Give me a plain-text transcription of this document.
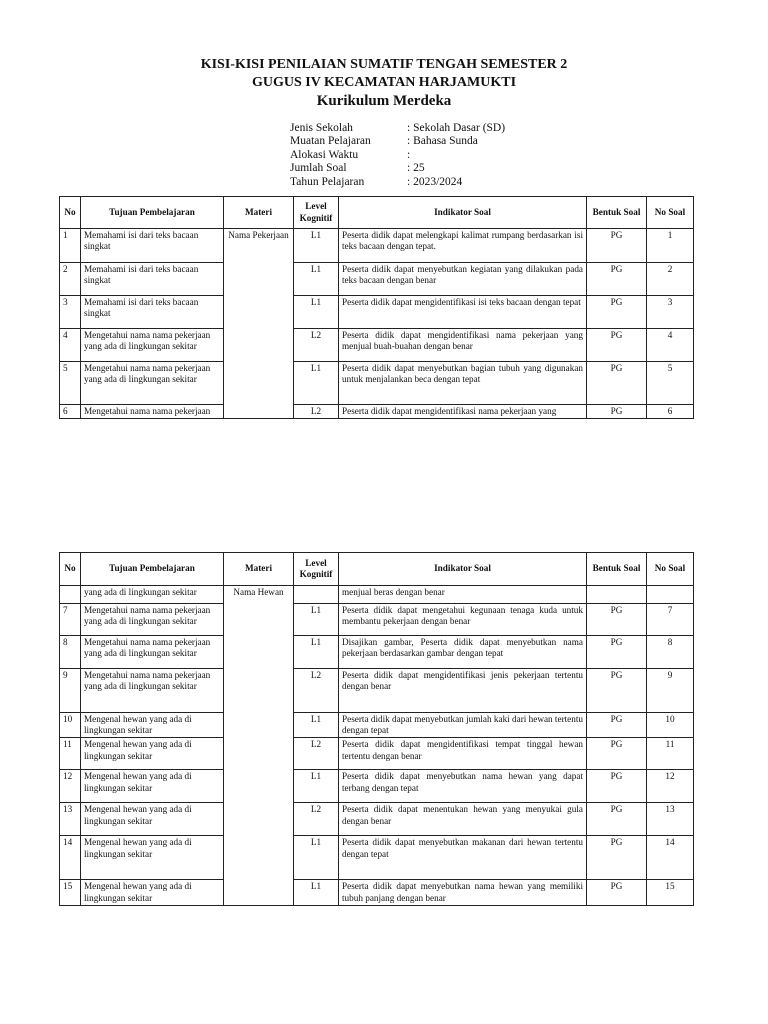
KISI-KISI PENILAIAN SUMATIF TENGAH SEMESTER 2
GUGUS IV KECAMATAN HARJAMUKTI
Kurikulum Merdeka
Jenis Sekolah	: Sekolah Dasar (SD)
Muatan Pelajaran	: Bahasa Sunda
Alokasi Waktu	:
Jumlah Soal	: 25
Tahun Pelajaran	: 2023/2024
No	Tujuan Pembelajaran	Materi	Level Kognitif	Indikator Soal	Bentuk Soal	No Soal
1	Memahami isi dari teks bacaan singkat	Nama Pekerjaan	L1	Peserta didik dapat melengkapi kalimat rumpang berdasarkan isi teks bacaan dengan tepat.	PG	1
2	Memahami isi dari teks bacaan singkat		L1	Peserta didik dapat menyebutkan kegiatan yang dilakukan pada teks bacaan dengan benar	PG	2
3	Memahami isi dari teks bacaan singkat		L1	Peserta didik dapat mengidentifikasi isi teks bacaan dengan tepat	PG	3
4	Mengetahui nama nama pekerjaan yang ada di lingkungan sekitar		L2	Peserta didik dapat mengidentifikasi nama pekerjaan yang menjual buah-buahan dengan benar	PG	4
5	Mengetahui nama nama pekerjaan yang ada di lingkungan sekitar		L1	Peserta didik dapat menyebutkan bagian tubuh yang digunakan untuk menjalankan beca dengan tepat	PG	5
6	Mengetahui nama nama pekerjaan		L2	Peserta didik dapat mengidentifikasi nama pekerjaan yang	PG	6
No	Tujuan Pembelajaran	Materi	Level Kognitif	Indikator Soal	Bentuk Soal	No Soal
	yang ada di lingkungan sekitar	Nama Hewan		menjual beras dengan benar		
7	Mengetahui nama nama pekerjaan yang ada di lingkungan sekitar		L1	Peserta didik dapat mengetahui kegunaan tenaga kuda untuk membantu pekerjaan dengan benar	PG	7
8	Mengetahui nama nama pekerjaan yang ada di lingkungan sekitar		L1	Disajikan gambar, Peserta didik dapat menyebutkan nama pekerjaan berdasarkan gambar dengan tepat	PG	8
9	Mengetahui nama nama pekerjaan yang ada di lingkungan sekitar		L2	Peserta didik dapat mengidentifikasi jenis pekerjaan tertentu dengan benar	PG	9
10	Mengenal hewan yang ada di lingkungan sekitar		L1	Peserta didik dapat menyebutkan jumlah kaki dari hewan tertentu dengan tepat	PG	10
11	Mengenal hewan yang ada di lingkungan sekitar		L2	Peserta didik dapat mengidentifikasi tempat tinggal hewan tertentu dengan benar	PG	11
12	Mengenal hewan yang ada di lingkungan sekitar		L1	Peserta didik dapat menyebutkan nama hewan yang dapat terbang dengan tepat	PG	12
13	Mengenal hewan yang ada di lingkungan sekitar		L2	Peserta didik dapat menentukan hewan yang menyukai gula dengan benar	PG	13
14	Mengenal hewan yang ada di lingkungan sekitar		L1	Peserta didik dapat menyebutkan makanan dari hewan tertentu dengan tepat	PG	14
15	Mengenal hewan yang ada di lingkungan sekitar		L1	Peserta didik dapat menyebutkan nama hewan yang memiliki tubuh panjang dengan benar	PG	15
